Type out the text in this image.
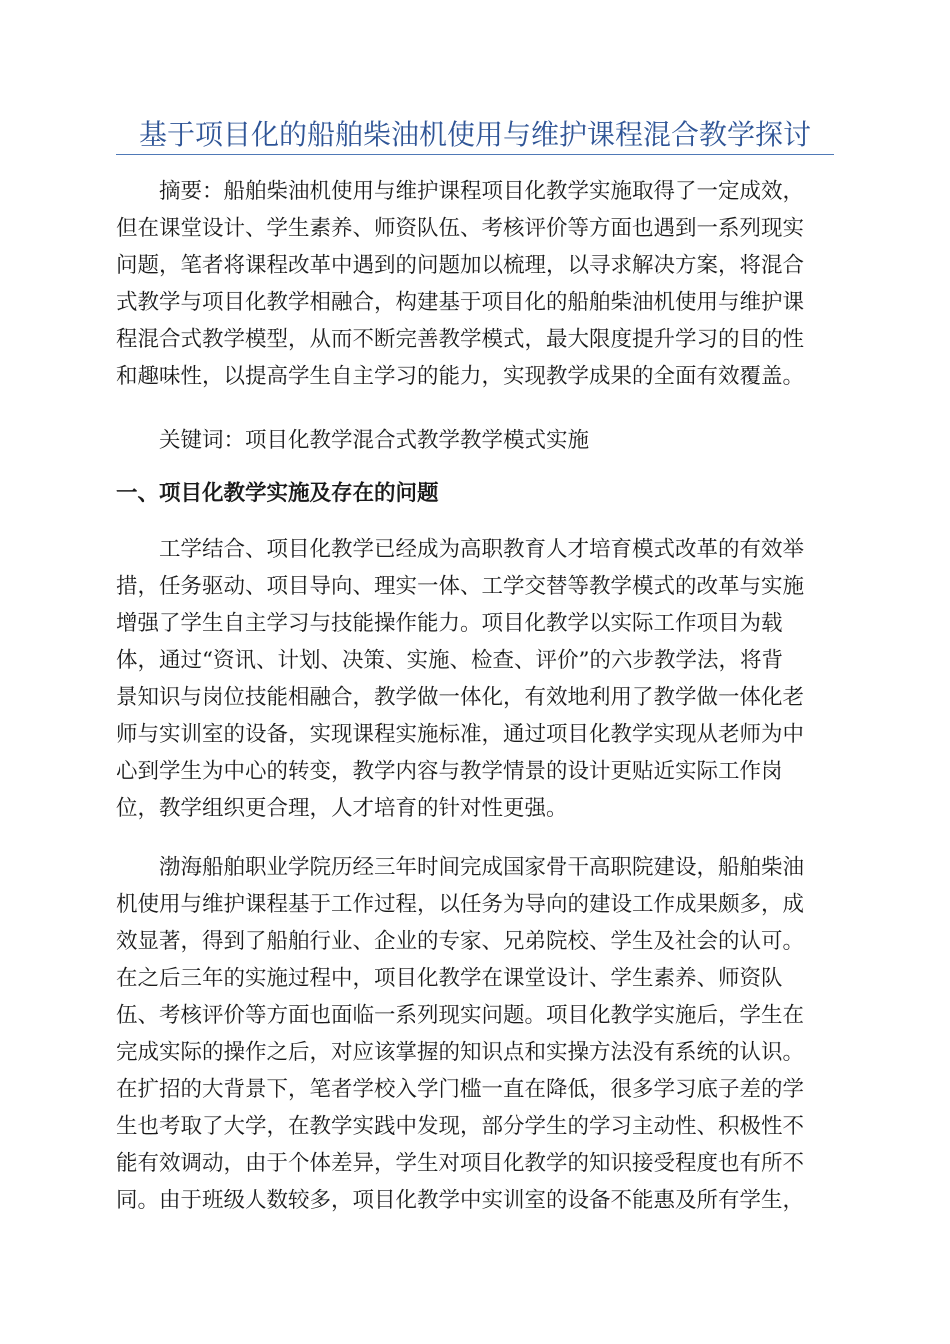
基于项目化的船舶柴油机使用与维护课程混合教学探讨
　　摘要：船舶柴油机使用与维护课程项目化教学实施取得了一定成效，
但在课堂设计、学生素养、师资队伍、考核评价等方面也遇到一系列现实
问题，笔者将课程改革中遇到的问题加以梳理，以寻求解决方案，将混合
式教学与项目化教学相融合，构建基于项目化的船舶柴油机使用与维护课
程混合式教学模型，从而不断完善教学模式，最大限度提升学习的目的性
和趣味性，以提高学生自主学习的能力，实现教学成果的全面有效覆盖。
　　关键词：项目化教学混合式教学教学模式实施
一、项目化教学实施及存在的问题
　　工学结合、项目化教学已经成为高职教育人才培育模式改革的有效举
措，任务驱动、项目导向、理实一体、工学交替等教学模式的改革与实施
增强了学生自主学习与技能操作能力。项目化教学以实际工作项目为载
体，通过“资讯、计划、决策、实施、检查、评价”的六步教学法，将背
景知识与岗位技能相融合，教学做一体化，有效地利用了教学做一体化老
师与实训室的设备，实现课程实施标准，通过项目化教学实现从老师为中
心到学生为中心的转变，教学内容与教学情景的设计更贴近实际工作岗
位，教学组织更合理，人才培育的针对性更强。
　　渤海船舶职业学院历经三年时间完成国家骨干高职院建设，船舶柴油
机使用与维护课程基于工作过程，以任务为导向的建设工作成果颇多，成
效显著，得到了船舶行业、企业的专家、兄弟院校、学生及社会的认可。
在之后三年的实施过程中，项目化教学在课堂设计、学生素养、师资队
伍、考核评价等方面也面临一系列现实问题。项目化教学实施后，学生在
完成实际的操作之后，对应该掌握的知识点和实操方法没有系统的认识。
在扩招的大背景下，笔者学校入学门槛一直在降低，很多学习底子差的学
生也考取了大学，在教学实践中发现，部分学生的学习主动性、积极性不
能有效调动，由于个体差异，学生对项目化教学的知识接受程度也有所不
同。由于班级人数较多，项目化教学中实训室的设备不能惠及所有学生，
